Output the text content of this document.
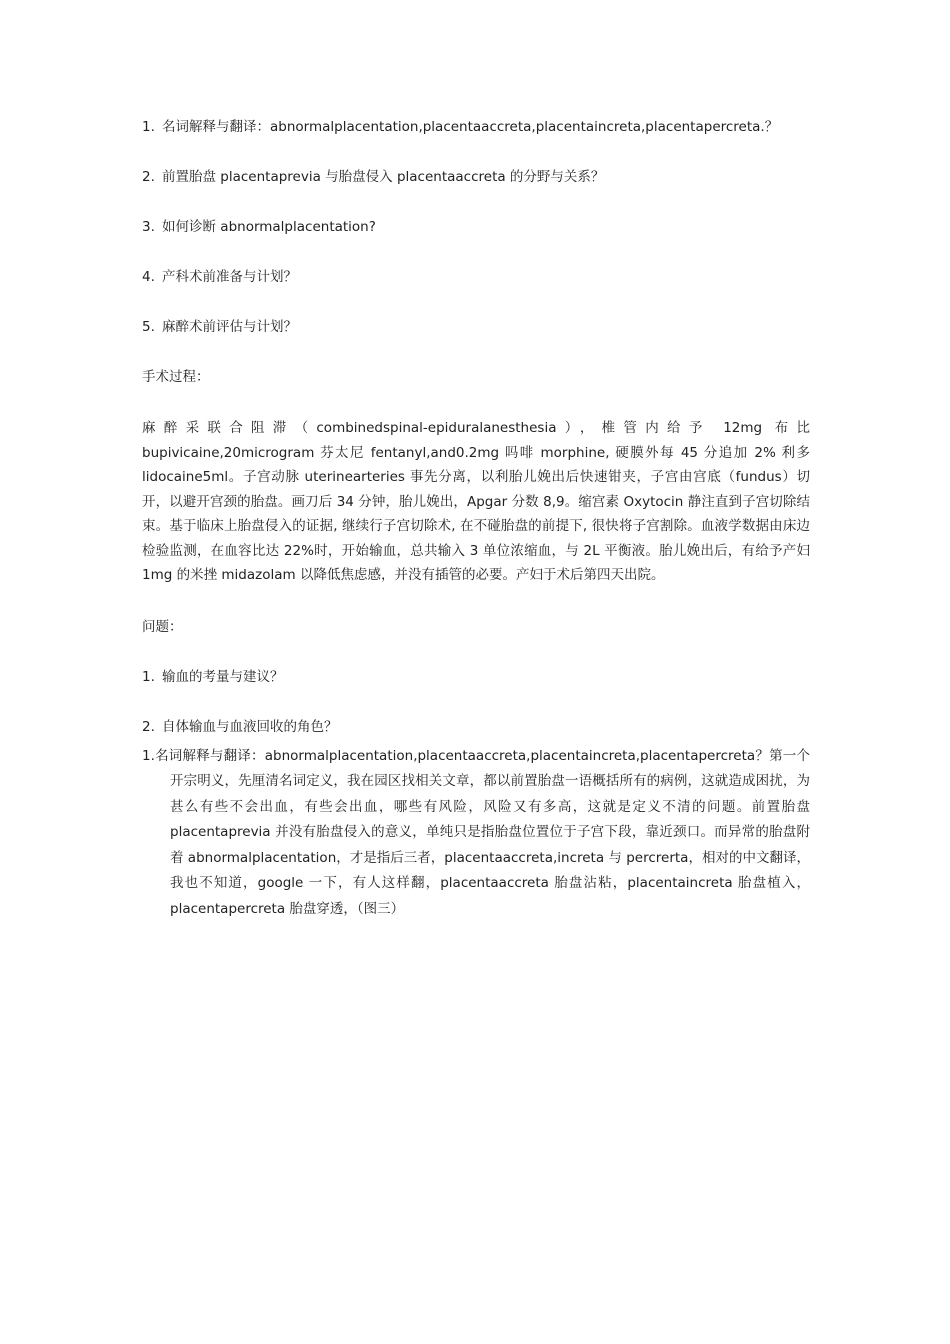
1. 名词解释与翻译：abnormalplacentation,placentaaccreta,placentaincreta,placentapercreta.？

2. 前置胎盘 placentaprevia 与胎盘侵入 placentaaccreta 的分野与关系？

3. 如何诊断 abnormalplacentation?

4. 产科术前准备与计划？

5. 麻醉术前评估与计划？

手术过程：

麻醉采联合阻滞（combinedspinal-epiduralanesthesia），椎管内给予 12mg 布比 bupivicaine,20microgram 芬太尼 fentanyl,and0.2mg 吗啡 morphine, 硬膜外每 45 分追加 2% 利多 lidocaine5ml。子宫动脉 uterinearteries 事先分离，以利胎儿娩出后快速钳夹，子宫由宫底（fundus）切开，以避开宫颈的胎盘。画刀后 34 分钟，胎儿娩出，Apgar 分数 8,9。缩宫素 Oxytocin 静注直到子宫切除结束。基于临床上胎盘侵入的证据, 继续行子宫切除术, 在不碰胎盘的前提下, 很快将子宫割除。血液学数据由床边检验监测，在血容比达 22%时，开始输血，总共输入 3 单位浓缩血，与 2L 平衡液。胎儿娩出后，有给予产妇 1mg 的米挫 midazolam 以降低焦虑感，并没有插管的必要。产妇于术后第四天出院。

问题：

1. 输血的考量与建议？

2. 自体输血与血液回收的角色？

1.名词解释与翻译：abnormalplacentation,placentaaccreta,placentaincreta,placentapercreta？第一个开宗明义，先厘清名词定义，我在园区找相关文章，都以前置胎盘一语概括所有的病例，这就造成困扰，为甚么有些不会出血，有些会出血，哪些有风险，风险又有多高，这就是定义不清的问题。前置胎盘 placentaprevia 并没有胎盘侵入的意义，单纯只是指胎盘位置位于子宫下段，靠近颈口。而异常的胎盘附着 abnormalplacentation，才是指后三者，placentaaccreta,increta 与 percrerta，相对的中文翻译，我也不知道，google 一下，有人这样翻，placentaaccreta 胎盘沾粘，placentaincreta 胎盘植入，placentapercreta 胎盘穿透，（图三）
